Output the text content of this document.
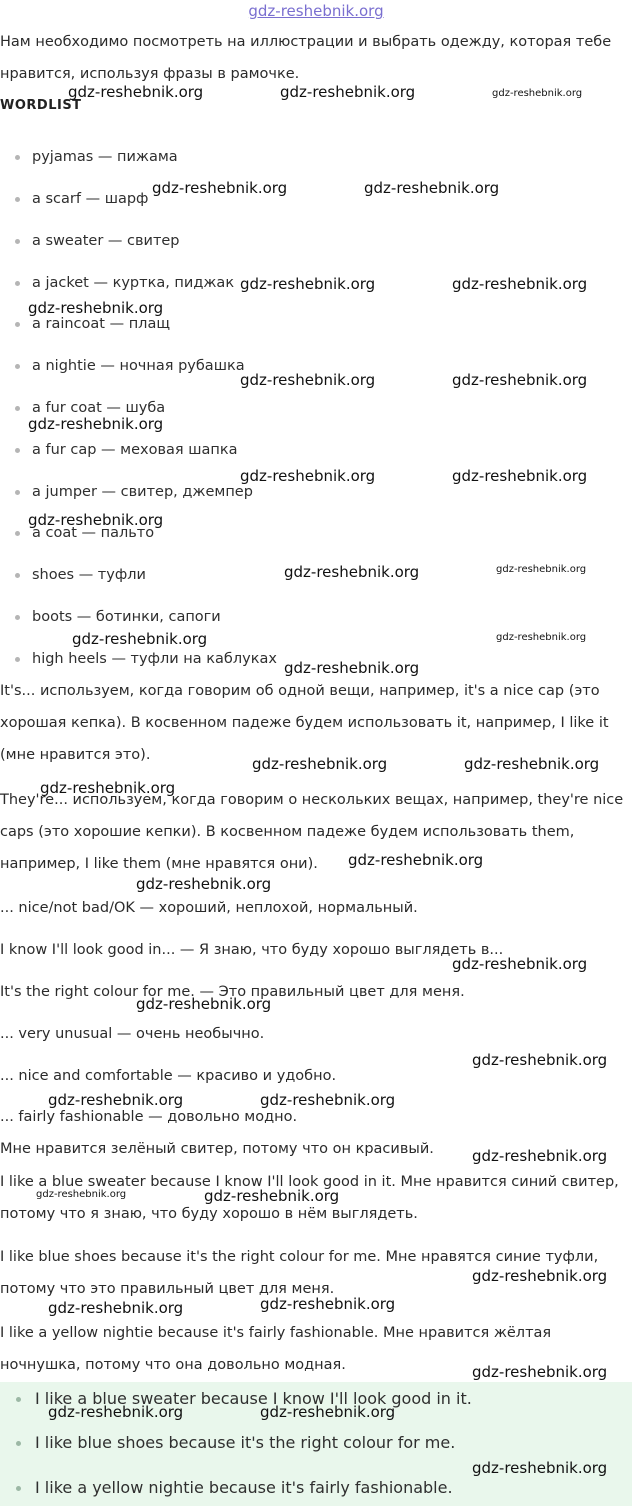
gdz-reshebnik.org

Нам необходимо посмотреть на иллюстрации и выбрать одежду, которая тебе нравится, используя фразы в рамочке.

WORDLIST
pyjamas — пижама
a scarf — шарф
a sweater — свитер
a jacket — куртка, пиджак
a raincoat — плащ
a nightie — ночная рубашка
a fur coat — шуба
a fur cap — меховая шапка
a jumper — свитер, джемпер
a coat — пальто
shoes — туфли
boots — ботинки, сапоги
high heels — туфли на каблуках

It's... используем, когда говорим об одной вещи, например, it's a nice cap (это хорошая кепка). В косвенном падеже будем использовать it, например, I like it (мне нравится это).

They're... используем, когда говорим о нескольких вещах, например, they're nice caps (это хорошие кепки). В косвенном падеже будем использовать them, например, I like them (мне нравятся они).

... nice/not bad/OK — хороший, неплохой, нормальный.

I know I'll look good in... — Я знаю, что буду хорошо выглядеть в...

It's the right colour for me. — Это правильный цвет для меня.

... very unusual — очень необычно.

... nice and comfortable — красиво и удобно.

... fairly fashionable — довольно модно.

Мне нравится зелёный свитер, потому что он красивый.

I like a blue sweater because I know I'll look good in it. Мне нравится синий свитер, потому что я знаю, что буду хорошо в нём выглядеть.

I like blue shoes because it's the right colour for me. Мне нравятся синие туфли, потому что это правильный цвет для меня.

I like a yellow nightie because it's fairly fashionable. Мне нравится жёлтая ночнушка, потому что она довольно модная.

I like a blue sweater because I know I'll look good in it.
I like blue shoes because it's the right colour for me.
I like a yellow nightie because it's fairly fashionable.
gdz-reshebnik.org	gdz-reshebnik.org	gdz-reshebnik.org
gdz-reshebnik.org	gdz-reshebnik.org
gdz-reshebnik.org	gdz-reshebnik.org
gdz-reshebnik.org
gdz-reshebnik.org	gdz-reshebnik.org
gdz-reshebnik.org
gdz-reshebnik.org	gdz-reshebnik.org
gdz-reshebnik.org
gdz-reshebnik.org	gdz-reshebnik.org
gdz-reshebnik.org	gdz-reshebnik.org
gdz-reshebnik.org
gdz-reshebnik.org	gdz-reshebnik.org
gdz-reshebnik.org
gdz-reshebnik.org
gdz-reshebnik.org
gdz-reshebnik.org
gdz-reshebnik.org
gdz-reshebnik.org
gdz-reshebnik.org	gdz-reshebnik.org
gdz-reshebnik.org
gdz-reshebnik.org	gdz-reshebnik.org
gdz-reshebnik.org
gdz-reshebnik.org
gdz-reshebnik.org
gdz-reshebnik.org
gdz-reshebnik.org	gdz-reshebnik.org
gdz-reshebnik.org
